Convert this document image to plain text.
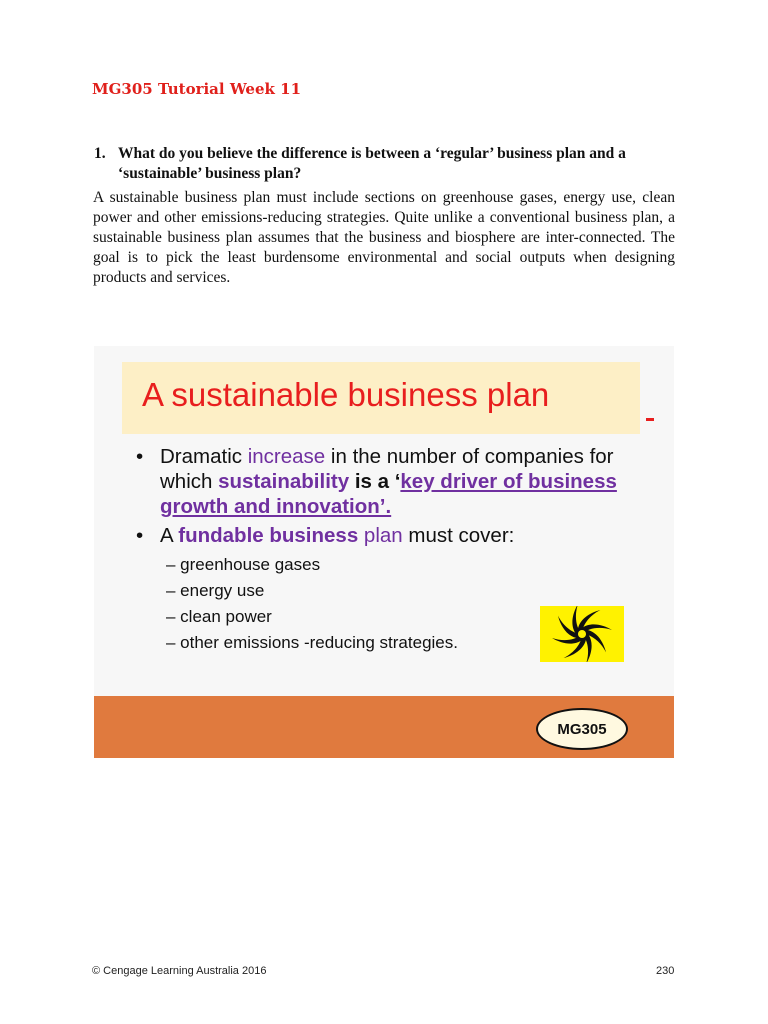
MG305 Tutorial Week 11
1. What do you believe the difference is between a ‘regular’ business plan and a ‘sustainable’ business plan?
A sustainable business plan must include sections on greenhouse gases, energy use, clean power and other emissions-reducing strategies. Quite unlike a conventional business plan, a sustainable business plan assumes that the business and biosphere are inter-connected. The goal is to pick the least burdensome environmental and social outputs when designing products and services.
A sustainable business plan
• Dramatic increase in the number of companies for which sustainability is a ‘key driver of business growth and innovation’.
• A fundable business plan must cover:
– greenhouse gases
– energy use
– clean power
– other emissions -reducing strategies.
MG305
© Cengage Learning Australia 2016	230
